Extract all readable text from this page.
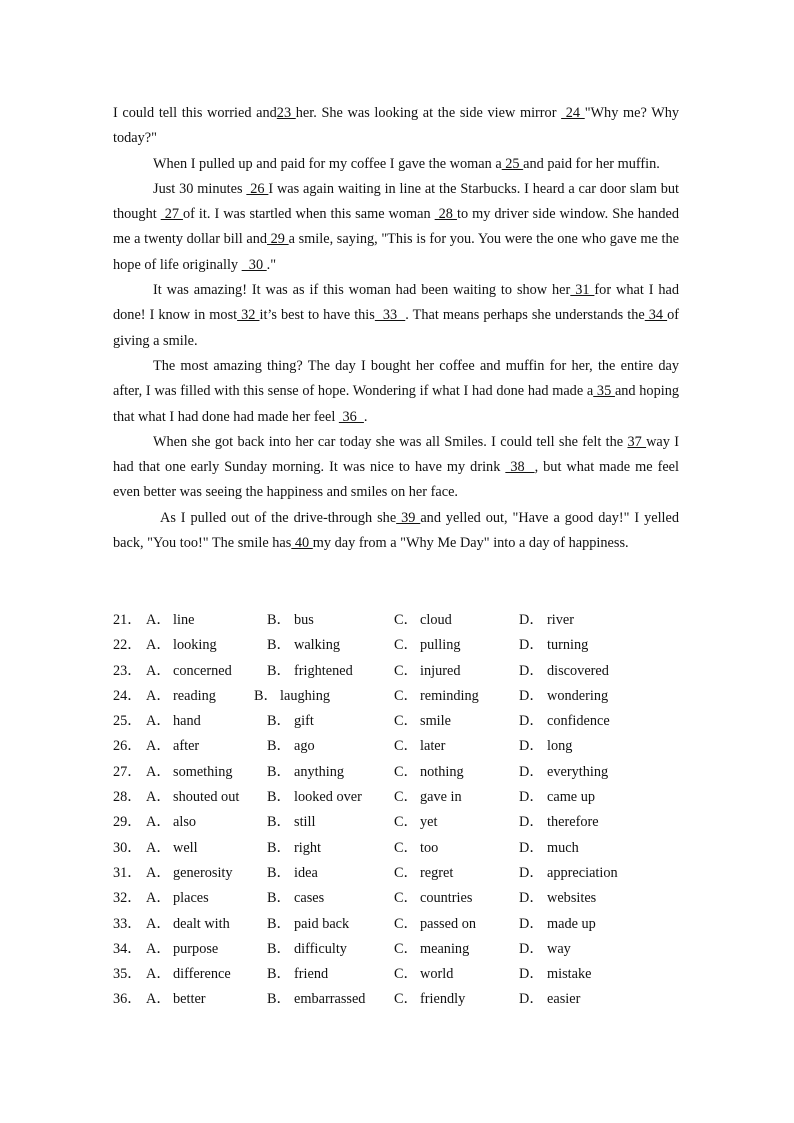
I could tell this worried and23 her. She was looking at the side view mirror  24 "Why me? Why today?"

When I pulled up and paid for my coffee I gave the woman a 25 and paid for her muffin.

Just 30 minutes  26 I was again waiting in line at the Starbucks. I heard a car door slam but thought  27 of it. I was startled when this same woman  28 to my driver side window. She handed me a twenty dollar bill and 29 a smile, saying, "This is for you. You were the one who gave me the hope of life originally   30 ."

It was amazing! It was as if this woman had been waiting to show her 31 for what I had done! I know in most 32 it’s best to have this  33  . That means perhaps she understands the 34 of giving a smile.

The most amazing thing? The day I bought her coffee and muffin for her, the entire day after, I was filled with this sense of hope. Wondering if what I had done had made a 35 and hoping that what I had done had made her feel  36  .

When she got back into her car today she was all Smiles. I could tell she felt the 37 way I had that one early Sunday morning. It was nice to have my drink  38  , but what made me feel even better was seeing the happiness and smiles on her face.

As I pulled out of the drive-through she 39 and yelled out, "Have a good day!" I yelled back, "You too!" The smile has 40 my day from a "Why Me Day" into a day of happiness.

21． A． line	B． bus	C． cloud	D． river
22． A． looking	B． walking	C． pulling	D． turning
23． A． concerned B． frightened	C． injured	D． discovered
24． A． reading	B． laughing	C． reminding	D． wondering
25． A． hand	B． gift	C． smile	D． confidence
26． A． after	B． ago	C． later	D． long
27． A． something B． anything	C． nothing	D． everything
28． A． shouted out B． looked over C． gave in	D． came up
29． A． also	B． still	C． yet	D． therefore
30． A． well	B． right	C． too	D． much
31． A． generosity B． idea	C． regret	D． appreciation
32． A． places	B． cases	C． countries	D． websites
33． A． dealt with	B． paid back	C． passed on	D． made up
34． A． purpose	B． difficulty	C． meaning	D． way
35． A． difference	B． friend	C． world	D． mistake
36． A． better	B． embarrassed C． friendly	D． easier
